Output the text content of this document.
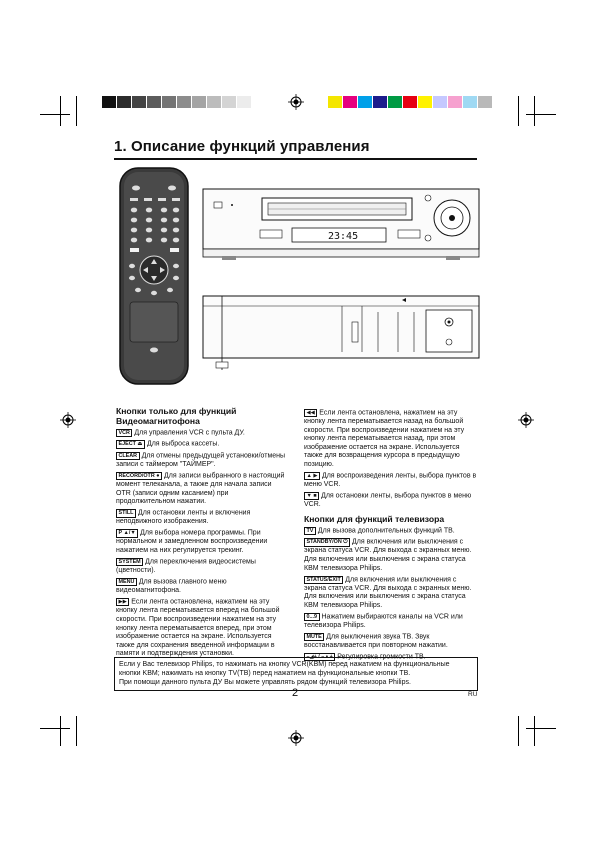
1. Описание функций управления
23:45
Кнопки только для функций Видеомагнитофона
VCR Для управления VCR с пульта ДУ.
EJECT ⏏ Для выброса кассеты.
CLEAR Для отмены предыдущей установки/отмены записи с таймером "ТАЙМЕР".
RECORD/OTR ● Для записи выбранного в настоящий момент телеканала, а также для начала записи OTR (записи одним касанием) при продолжительном нажатии.
STILL Для остановки ленты и включения неподвижного изображения.
P ▲/▼ Для выбора номера программы. При нормальном и замедленном воспроизведении нажатием на них регулируется трекинг.
SYSTEM Для переключения видеосистемы (цветности).
MENU Для вызова главного меню видеомагнитофона.
▶▶ Если лента остановлена, нажатием на эту кнопку лента перематывается вперед на большой скорости. При воспроизведении нажатием на эту кнопку лента перематывается вперед, при этом изображение остается на экране. Используется также для сохранения введенной информации в памяти и подтверждения установки.
◀◀ Если лента остановлена, нажатием на эту кнопку лента перематывается назад на большой скорости. При воспроизведении нажатием на эту кнопку лента перематывается назад, при этом изображение остается на экране. Используется также для возвращения курсора в предыдущую позицию.
▲ ▶ Для воспроизведения ленты, выбора пунктов в меню VCR.
▼ ■ Для остановки ленты, выбора пунктов в меню VCR.
Кнопки для функций телевизора
TV Для вызова дополнительных функций ТВ.
STANDBY/ON ⏻ Для включения или выключения с экрана статуса VCR. Для выхода с экранных меню. Для включения или выключения с экрана статуса КВМ телевизора Philips.
STATUS/EXIT Для включения или выключения с экрана статуса VCR. Для выхода с экранных меню. Для включения или выключения с экрана статуса КВМ телевизора Philips.
0...9 Нажатием выбираются каналы на VCR или телевизора Philips.
MUTE Для выключения звука ТВ. Звук восстанавливается при повторном нажатии.
–◢+ / –▲+ Регулировка громкости ТВ.
Если у Вас телевизор Philips, то нажимать на кнопку VCR(KBM) перед нажатием на функциональные
кнопки KBM; нажимать на кнопку TV(TB) перед нажатием на функциональные кнопки TB.
При помощи данного пульта ДУ Вы можете управлять рядом функций телевизора Philips.
2	RU
